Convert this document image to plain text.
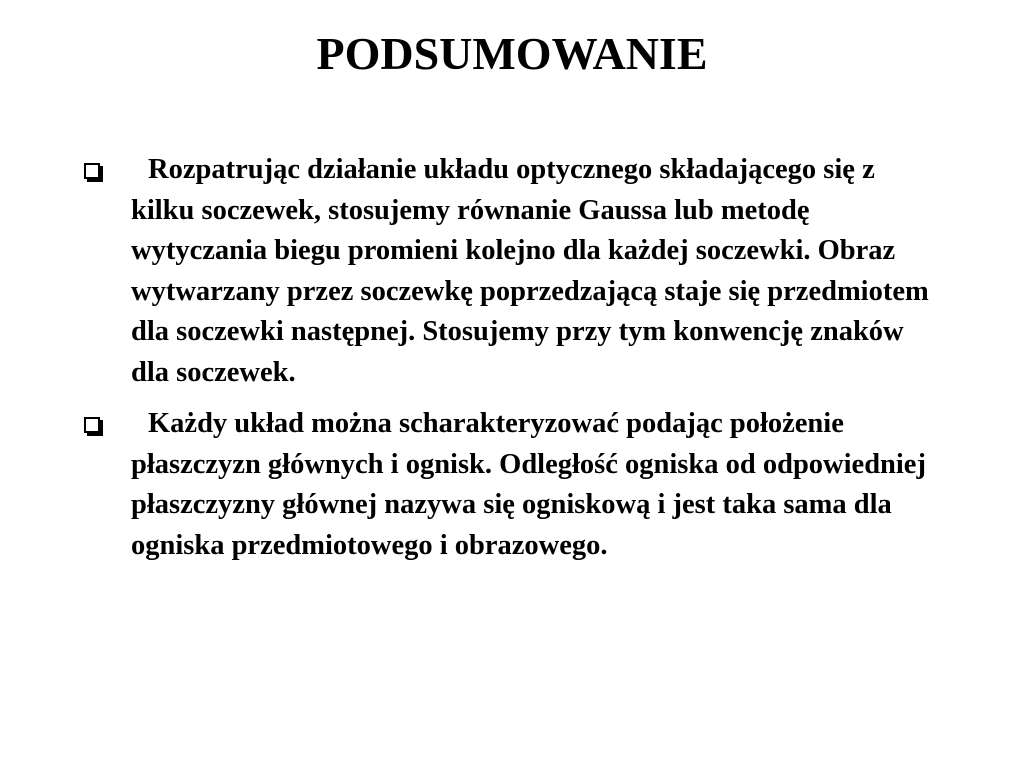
PODSUMOWANIE
Rozpatrując działanie układu optycznego składającego się z kilku soczewek, stosujemy równanie Gaussa lub metodę wytyczania biegu promieni kolejno dla każdej soczewki. Obraz wytwarzany przez soczewkę poprzedzającą staje się przedmiotem dla soczewki następnej. Stosujemy przy tym konwencję znaków dla soczewek.
Każdy układ można scharakteryzować podając położenie płaszczyzn głównych i ognisk. Odległość ogniska od odpowiedniej płaszczyzny głównej nazywa się ogniskową i jest taka sama dla ogniska przedmiotowego i obrazowego.
